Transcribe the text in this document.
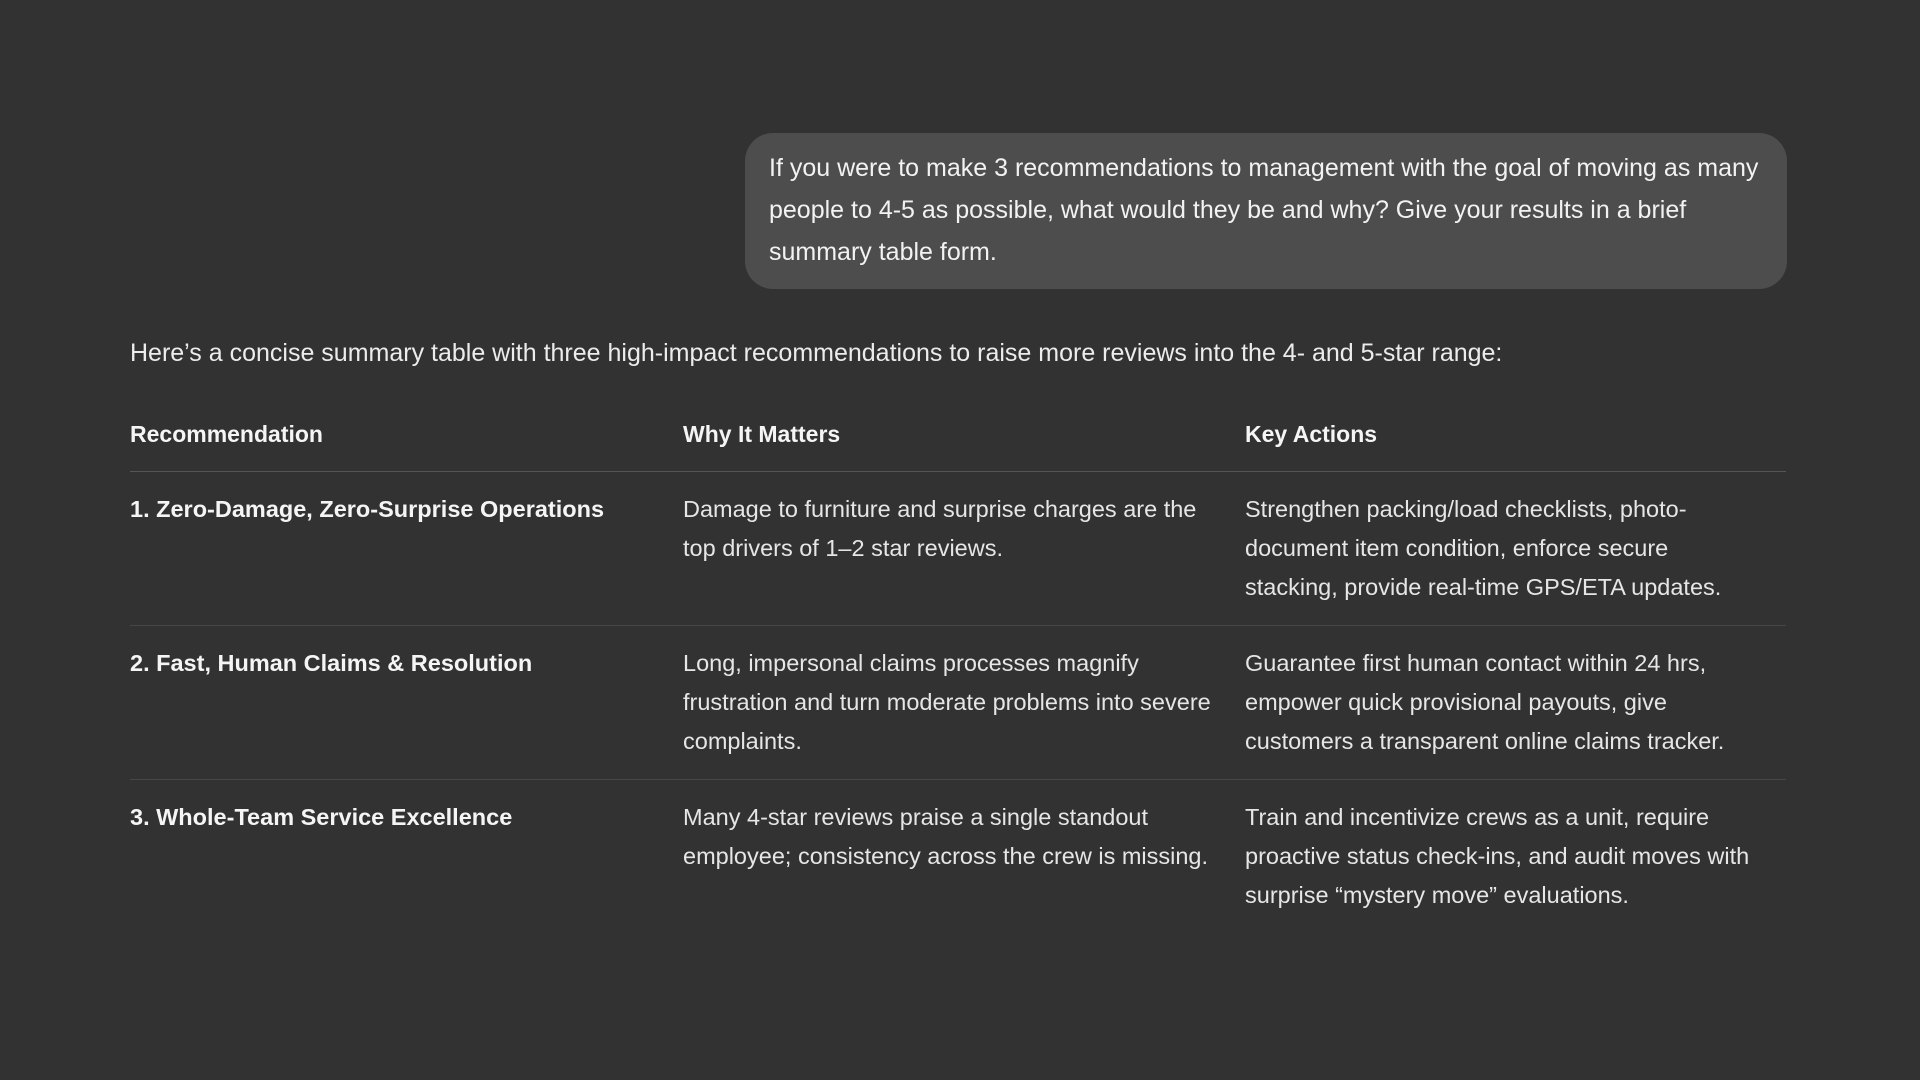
If you were to make 3 recommendations to management with the goal of moving as many people to 4-5 as possible, what would they be and why? Give your results in a brief summary table form.

Here’s a concise summary table with three high-impact recommendations to raise more reviews into the 4- and 5-star range:

Recommendation	Why It Matters	Key Actions
1. Zero-Damage, Zero-Surprise Operations	Damage to furniture and surprise charges are the top drivers of 1–2 star reviews.	Strengthen packing/load checklists, photo-document item condition, enforce secure stacking, provide real-time GPS/ETA updates.
2. Fast, Human Claims & Resolution	Long, impersonal claims processes magnify frustration and turn moderate problems into severe complaints.	Guarantee first human contact within 24 hrs, empower quick provisional payouts, give customers a transparent online claims tracker.
3. Whole-Team Service Excellence	Many 4-star reviews praise a single standout employee; consistency across the crew is missing.	Train and incentivize crews as a unit, require proactive status check-ins, and audit moves with surprise “mystery move” evaluations.
